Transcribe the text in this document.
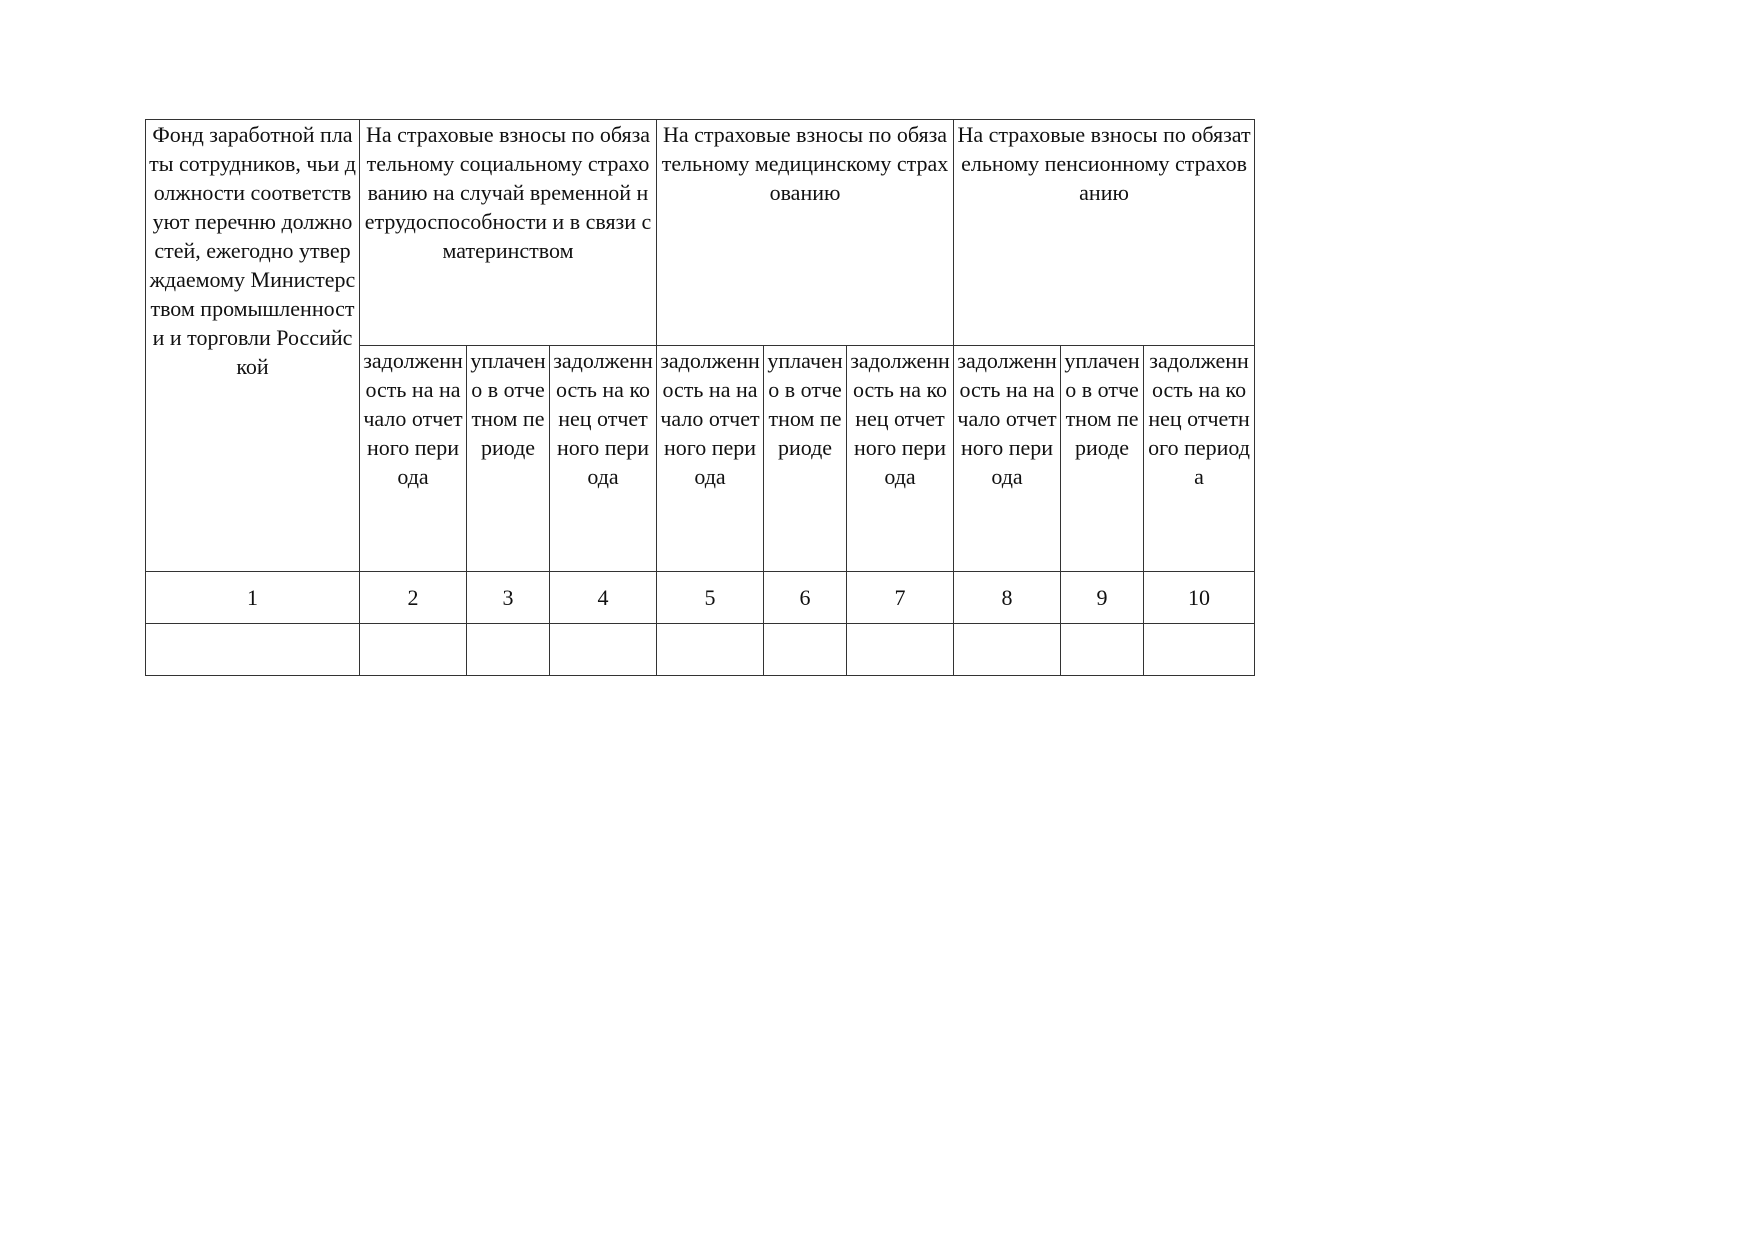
Фонд заработной платы сотрудников, чьи должности соответствуют перечню должностей, ежегодно утверждаемому Министерством промышленности и торговли Российской	На страховые взносы по обязательному социальному страхованию на случай временной нетрудоспособности и в связи с материнством			На страховые взносы по обязательному медицинскому страхованию			На страховые взносы по обязательному пенсионному страхованию		
	задолженность на начало отчетного периода	уплачено в отчетном периоде	задолженность на конец отчетного периода	задолженность на начало отчетного периода	уплачено в отчетном периоде	задолженность на конец отчетного периода	задолженность на начало отчетного периода	уплачено в отчетном периоде	задолженность на конец отчетного периода
1	2	3	4	5	6	7	8	9	10
